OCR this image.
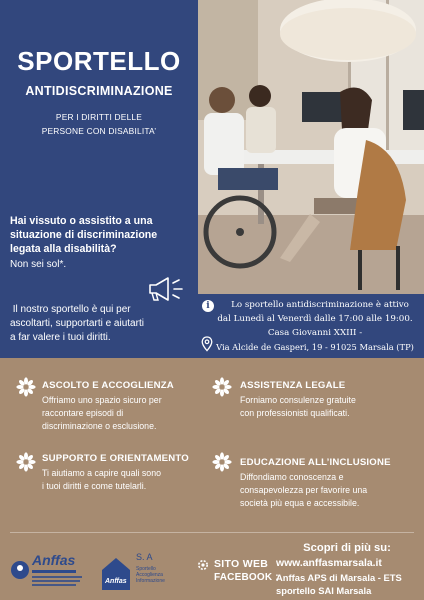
SPORTELLO
ANTIDISCRIMINAZIONE
PER I DIRITTI DELLE
PERSONE CON DISABILITA’
Hai vissuto o assistito a una
situazione di discriminazione
legata alla disabilità?
Non sei sol*.
Il nostro sportello è qui per
ascoltarti, supportarti e aiutarti
a far valere i tuoi diritti.
i	Lo sportello antidiscriminazione è attivo
dal Lunedì al Venerdì dalle 17:00 alle 19:00.
Casa Giovanni XXIII -
Via Alcide de Gasperi, 19 - 91025 Marsala (TP)
ASCOLTO E ACCOGLIENZA
Offriamo uno spazio sicuro per
raccontare episodi di
discriminazione o esclusione.
ASSISTENZA LEGALE
Forniamo consulenze gratuite
con professionisti qualificati.
SUPPORTO E ORIENTAMENTO
Ti aiutiamo a capire quali sono
i tuoi diritti e come tutelarli.
EDUCAZIONE ALL’INCLUSIONE
Diffondiamo conoscenza e
consapevolezza per favorire una
società più equa e accessibile.
Anffas
Anffas
S. A
Sportello
Accoglienza
Informazione
Scopri di più su:
SITO WEB www.anffasmarsala.it
FACEBOOK :
Anffas APS di Marsala - ETS
sportello SAI Marsala
